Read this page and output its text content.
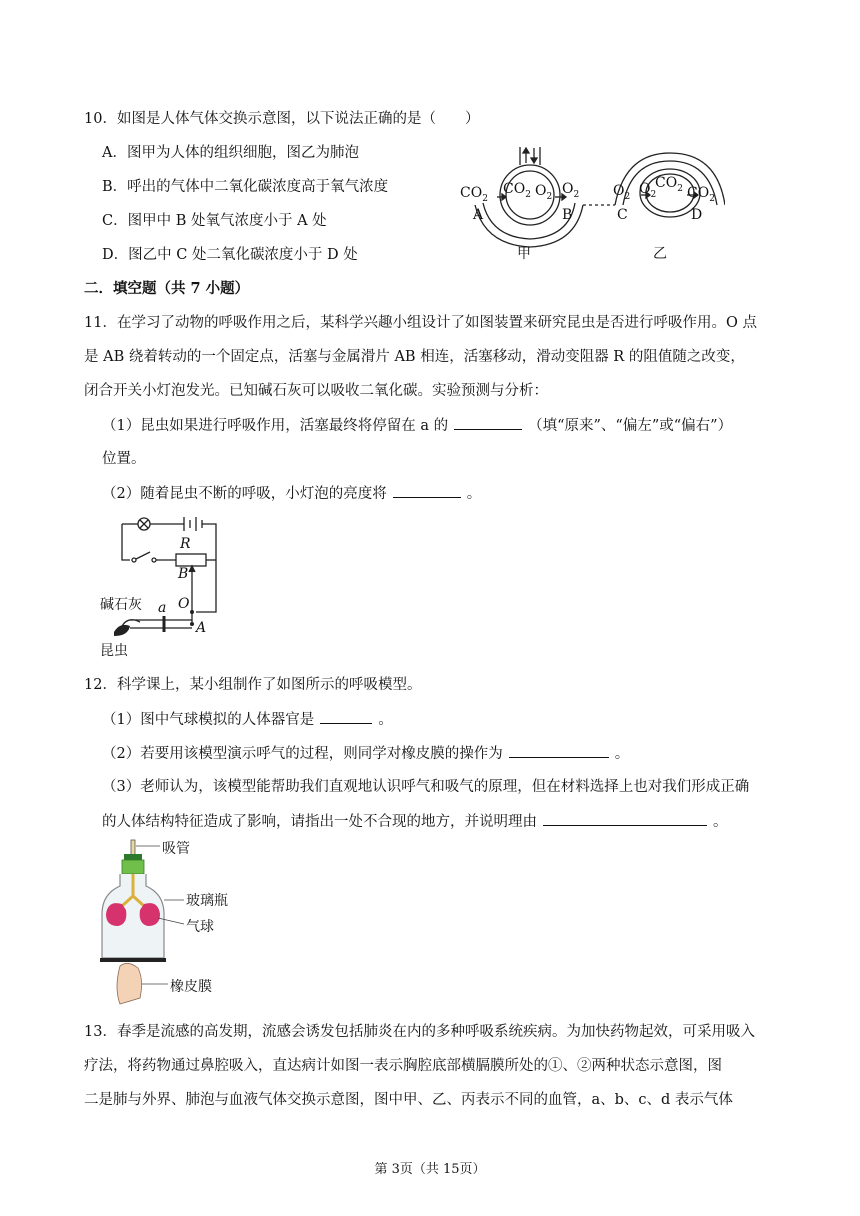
10．如图是人体气体交换示意图，以下说法正确的是（　　）
A．图甲为人体的组织细胞，图乙为肺泡
B．呼出的气体中二氧化碳浓度高于氧气浓度
C．图甲中 B 处氧气浓度小于 A 处
D．图乙中 C 处二氧化碳浓度小于 D 处
$CO_2$
$CO_2$ $O_2$ $O_2$ $O_2$ $O_2$
$CO_2$ $CO_2$
A	B	C	D
甲	乙
二．填空题（共 7 小题）
11．在学习了动物的呼吸作用之后，某科学兴趣小组设计了如图装置来研究昆虫是否进行呼吸作用。O 点
是 AB 绕着转动的一个固定点，活塞与金属滑片 AB 相连，活塞移动，滑动变阻器 R 的阻值随之改变，
闭合开关小灯泡发光。已知碱石灰可以吸收二氧化碳。实验预测与分析：
（1）昆虫如果进行呼吸作用，活塞最终将停留在 a 的	（填“原来”、“偏左”或“偏右”）
位置。
（2）随着昆虫不断的呼吸，小灯泡的亮度将	。
R
B
O
A
a
碱石灰
昆虫
12．科学课上，某小组制作了如图所示的呼吸模型。
（1）图中气球模拟的人体器官是	。
（2）若要用该模型演示呼气的过程，则同学对橡皮膜的操作为	。
（3）老师认为，该模型能帮助我们直观地认识呼气和吸气的原理，但在材料选择上也对我们形成正确
的人体结构特征造成了影响，请指出一处不合现的地方，并说明理由	。
吸管
玻璃瓶
气球
橡皮膜
13．春季是流感的高发期，流感会诱发包括肺炎在内的多种呼吸系统疾病。为加快药物起效，可采用吸入
疗法，将药物通过鼻腔吸入，直达病计如图一表示胸腔底部横膈膜所处的①、②两种状态示意图，图
二是肺与外界、肺泡与血液气体交换示意图，图中甲、乙、丙表示不同的血管，a、b、c、d 表示气体
第 3页（共 15页）
